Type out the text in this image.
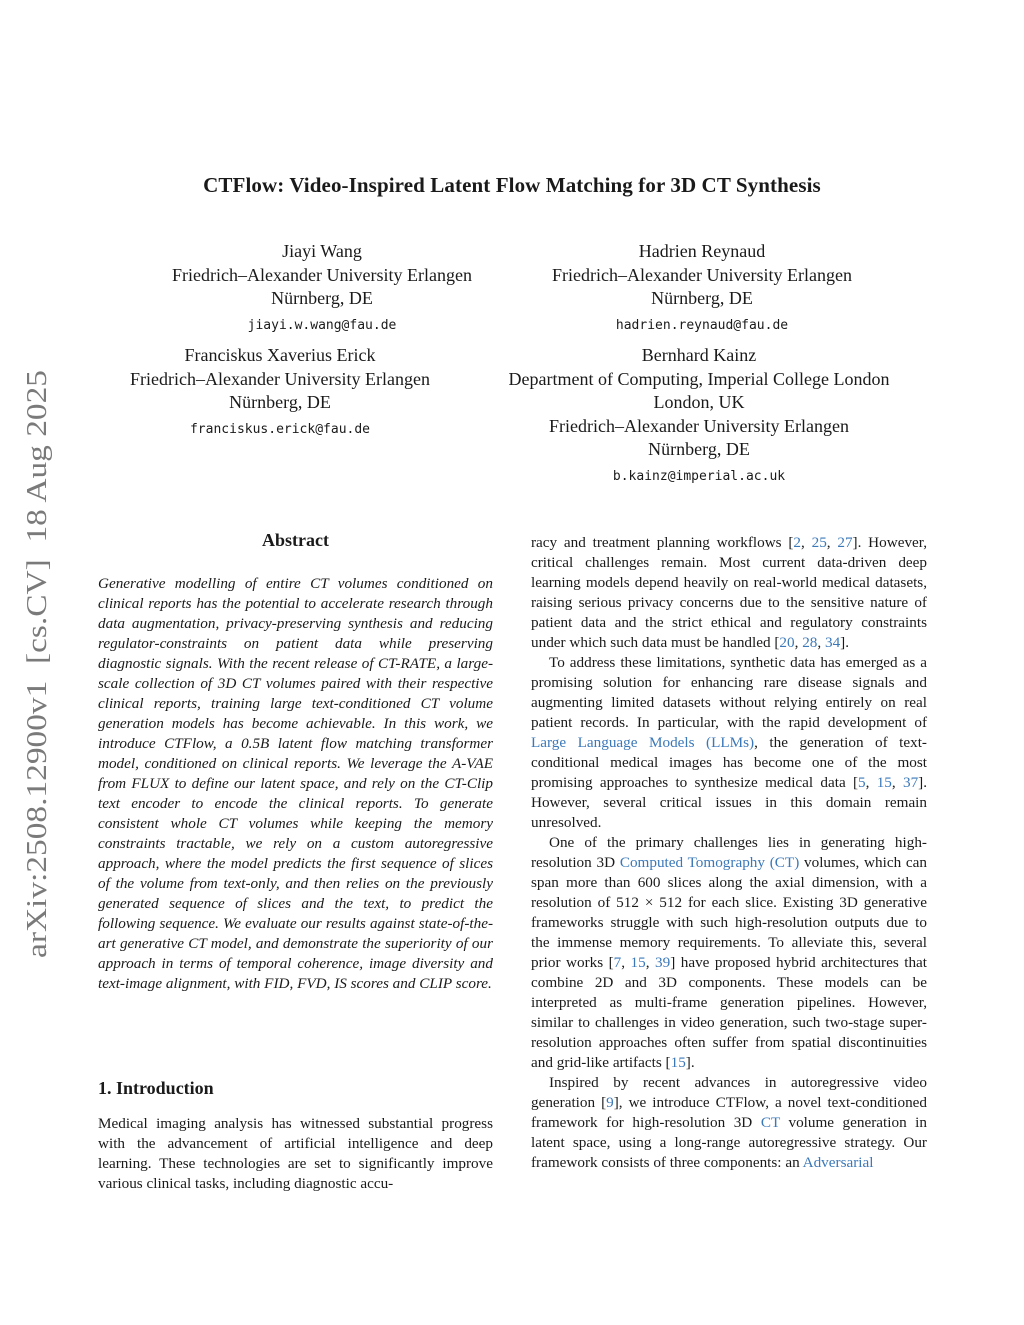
arXiv:2508.12900v1  [cs.CV]  18 Aug 2025
CTFlow: Video-Inspired Latent Flow Matching for 3D CT Synthesis
Jiayi Wang
Friedrich–Alexander University Erlangen
Nürnberg, DE
jiayi.w.wang@fau.de
Hadrien Reynaud
Friedrich–Alexander University Erlangen
Nürnberg, DE
hadrien.reynaud@fau.de
Franciskus Xaverius Erick
Friedrich–Alexander University Erlangen
Nürnberg, DE
franciskus.erick@fau.de
Bernhard Kainz
Department of Computing, Imperial College London
London, UK
Friedrich–Alexander University Erlangen
Nürnberg, DE
b.kainz@imperial.ac.uk
Abstract
Generative modelling of entire CT volumes conditioned on clinical reports has the potential to accelerate research through data augmentation, privacy-preserving synthesis and reducing regulator-constraints on patient data while preserving diagnostic signals. With the recent release of CT-RATE, a large-scale collection of 3D CT volumes paired with their respective clinical reports, training large text-conditioned CT volume generation models has become achievable. In this work, we introduce CTFlow, a 0.5B latent flow matching transformer model, conditioned on clinical reports. We leverage the A-VAE from FLUX to define our latent space, and rely on the CT-Clip text encoder to encode the clinical reports. To generate consistent whole CT volumes while keeping the memory constraints tractable, we rely on a custom autoregressive approach, where the model predicts the first sequence of slices of the volume from text-only, and then relies on the previously generated sequence of slices and the text, to predict the following sequence. We evaluate our results against state-of-the-art generative CT model, and demonstrate the superiority of our approach in terms of temporal coherence, image diversity and text-image alignment, with FID, FVD, IS scores and CLIP score.
1. Introduction
Medical imaging analysis has witnessed substantial progress with the advancement of artificial intelligence and deep learning. These technologies are set to significantly improve various clinical tasks, including diagnostic accu-

racy and treatment planning workflows [2, 25, 27]. However, critical challenges remain. Most current data-driven deep learning models depend heavily on real-world medical datasets, raising serious privacy concerns due to the sensitive nature of patient data and the strict ethical and regulatory constraints under which such data must be handled [20, 28, 34].

To address these limitations, synthetic data has emerged as a promising solution for enhancing rare disease signals and augmenting limited datasets without relying entirely on real patient records. In particular, with the rapid development of Large Language Models (LLMs), the generation of text-conditional medical images has become one of the most promising approaches to synthesize medical data [5, 15, 37]. However, several critical issues in this domain remain unresolved.

One of the primary challenges lies in generating high-resolution 3D Computed Tomography (CT) volumes, which can span more than 600 slices along the axial dimension, with a resolution of 512 × 512 for each slice. Existing 3D generative frameworks struggle with such high-resolution outputs due to the immense memory requirements. To alleviate this, several prior works [7, 15, 39] have proposed hybrid architectures that combine 2D and 3D components. These models can be interpreted as multi-frame generation pipelines. However, similar to challenges in video generation, such two-stage super-resolution approaches often suffer from spatial discontinuities and grid-like artifacts [15].

Inspired by recent advances in autoregressive video generation [9], we introduce CTFlow, a novel text-conditioned framework for high-resolution 3D CT volume generation in latent space, using a long-range autoregressive strategy. Our framework consists of three components: an Adversarial
